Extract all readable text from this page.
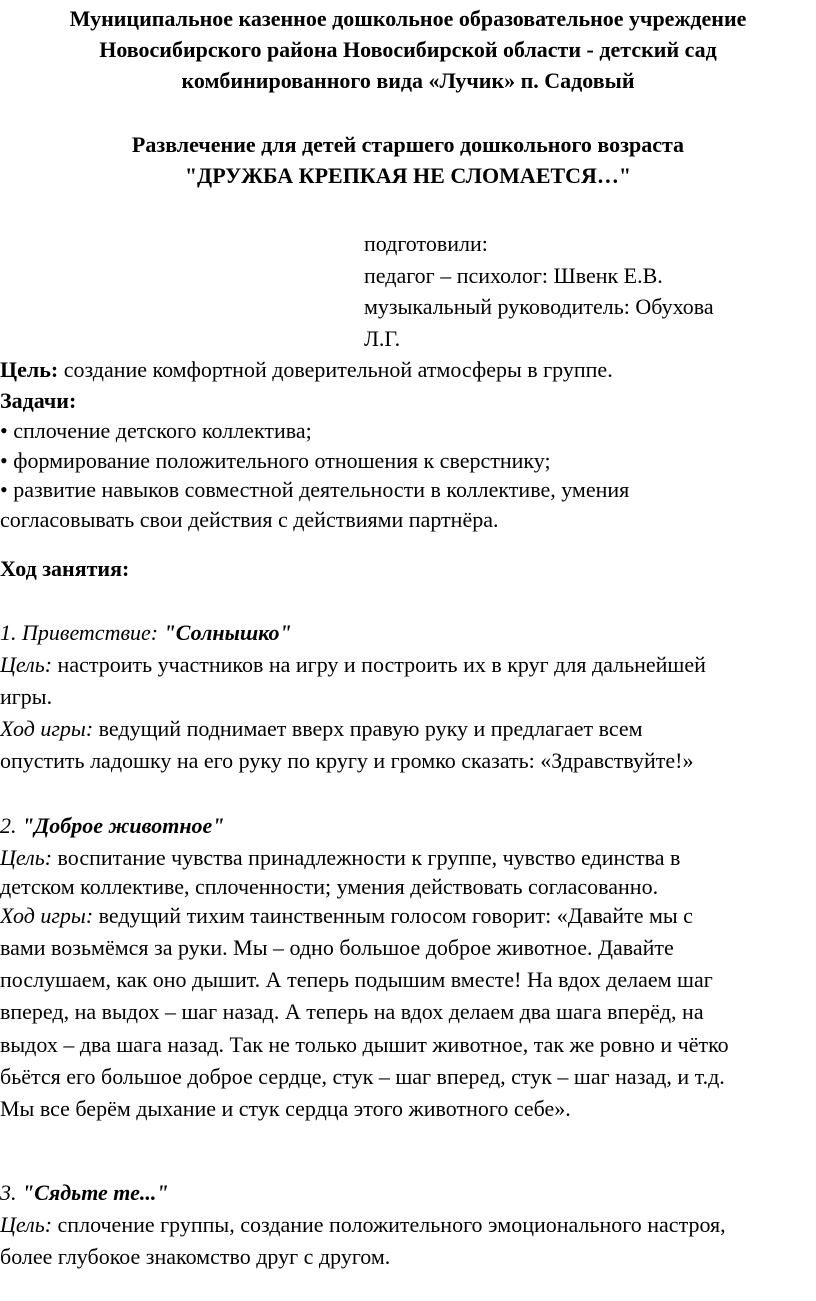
Муниципальное казенное дошкольное образовательное учреждение
Новосибирского района Новосибирской области - детский сад
комбинированного вида «Лучик» п. Садовый
Развлечение для детей старшего дошкольного возраста
"ДРУЖБА КРЕПКАЯ НЕ СЛОМАЕТСЯ…"
подготовили:
педагог – психолог: Швенк Е.В.
музыкальный руководитель: Обухова
Л.Г.
Цель: создание комфортной доверительной атмосферы в группе.
Задачи:
• сплочение детского коллектива;
• формирование положительного отношения к сверстнику;
• развитие навыков совместной деятельности в коллективе, умения
согласовывать свои действия с действиями партнёра.
Ход занятия:
1. Приветствие: "Солнышко"
Цель: настроить участников на игру и построить их в круг для дальнейшей
игры.
Ход игры: ведущий поднимает вверх правую руку и предлагает всем
опустить ладошку на его руку по кругу и громко сказать: «Здравствуйте!»
2. "Доброе животное"
Цель: воспитание чувства принадлежности к группе, чувство единства в
детском коллективе, сплоченности; умения действовать согласованно.
Ход игры: ведущий тихим таинственным голосом говорит: «Давайте мы с
вами возьмёмся за руки. Мы – одно большое доброе животное. Давайте
послушаем, как оно дышит. А теперь подышим вместе! На вдох делаем шаг
вперед, на выдох – шаг назад. А теперь на вдох делаем два шага вперёд, на
выдох – два шага назад. Так не только дышит животное, так же ровно и чётко
бьётся его большое доброе сердце, стук – шаг вперед, стук – шаг назад, и т.д.
Мы все берём дыхание и стук сердца этого животного себе».
3. "Сядьте те..."
Цель: сплочение группы, создание положительного эмоционального настроя,
более глубокое знакомство друг с другом.
